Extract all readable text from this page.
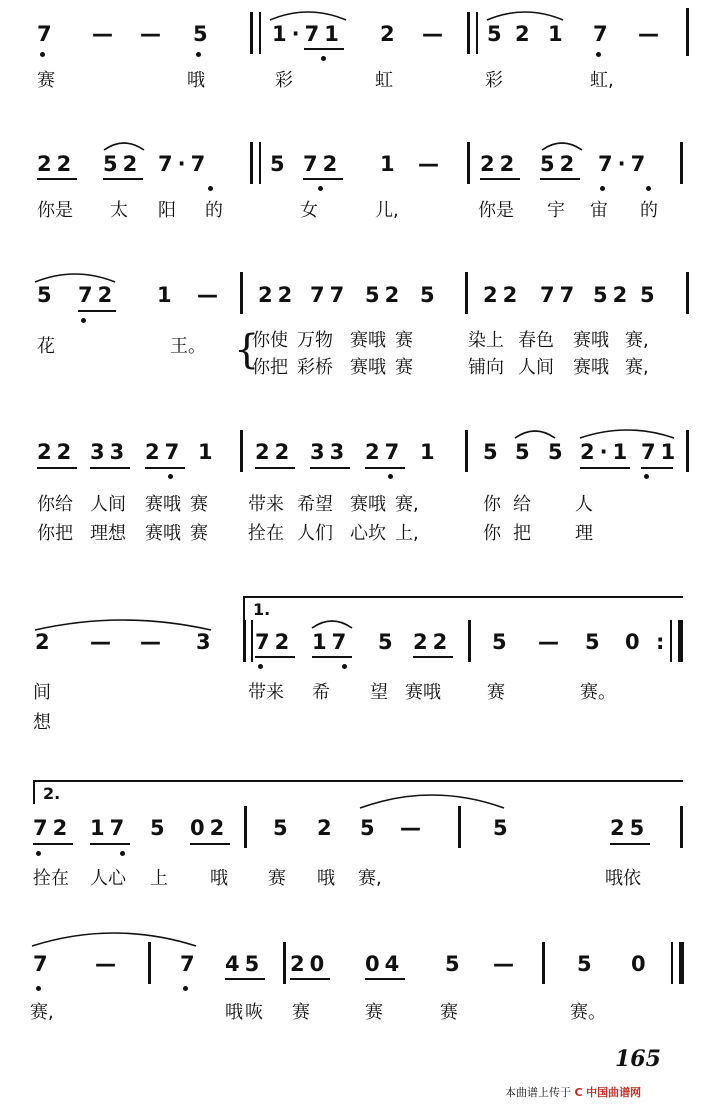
7 — — 5	1·71 2 — 5 2 1 7 —
赛	哦	彩	虹	彩	虹,
22 52 7·7	5 72 1 — 22 52 7·7
你是 太 阳 的	女	儿,	你是 宇 宙 的
5 72 1 — 22 77 52 5 22 77 52 5
花	王。	你使 万物 赛哦 赛	染上 春色 赛哦 赛,
{
你把 彩桥 赛哦 赛	铺向 人间 赛哦 赛,
22 33 27 1 22 33 27 1 5 5 5 2·1 71
你给 人间 赛哦 赛 带来 希望 赛哦 赛,	你 给 人
你把 理想 赛哦 赛 拴在 人们 心坎 上,	你 把 理
1.
2 — — 3 72 17 5 22 5 — 5 0 :
间	带来 希 望 赛哦	赛	赛。
想
2.
72 17 5 02 5 2 5 —	5	25
拴在 人心 上 哦 赛 哦 赛,	哦依
7 —	7 45 20 04 5 —	5 0
赛,	哦 咴 赛	赛	赛	赛。
165
本曲谱上传于 C 中国曲谱网
